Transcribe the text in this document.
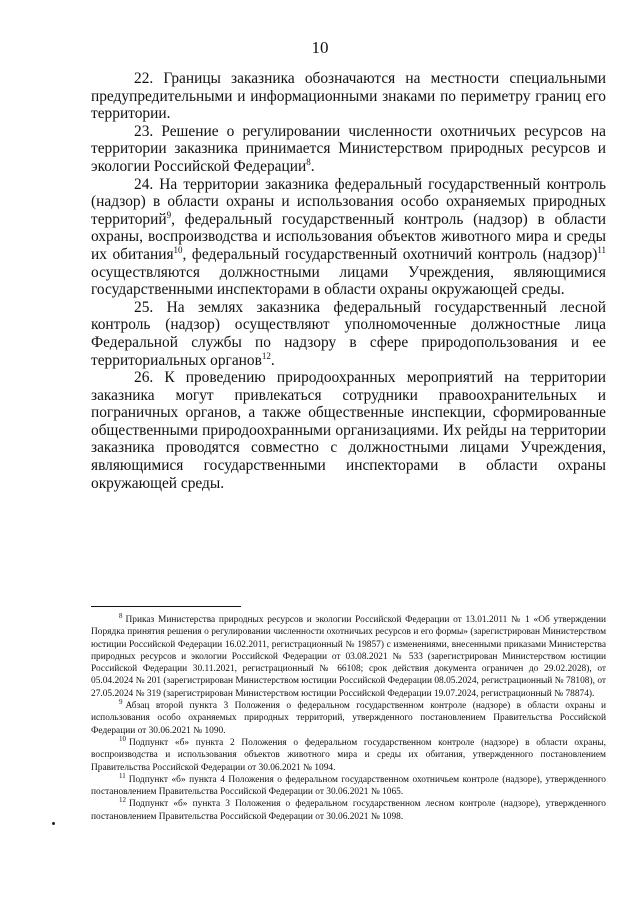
10

22. Границы заказника обозначаются на местности специальными предупредительными и информационными знаками по периметру границ его территории.

23. Решение о регулировании численности охотничьих ресурсов на территории заказника принимается Министерством природных ресурсов и экологии Российской Федерации$^8$.

24. На территории заказника федеральный государственный контроль (надзор) в области охраны и использования особо охраняемых природных территорий$^9$, федеральный государственный контроль (надзор) в области охраны, воспроизводства и использования объектов животного мира и среды их обитания$^{10}$, федеральный государственный охотничий контроль (надзор)$^{11}$ осуществляются должностными лицами Учреждения, являющимися государственными инспекторами в области охраны окружающей среды.

25. На землях заказника федеральный государственный лесной контроль (надзор) осуществляют уполномоченные должностные лица Федеральной службы по надзору в сфере природопользования и ее территориальных органов$^{12}$.

26. К проведению природоохранных мероприятий на территории заказника могут привлекаться сотрудники правоохранительных и пограничных органов, а также общественные инспекции, сформированные общественными природоохранными организациями. Их рейды на территории заказника проводятся совместно с должностными лицами Учреждения, являющимися государственными инспекторами в области охраны окружающей среды.

$^8$ Приказ Министерства природных ресурсов и экологии Российской Федерации от 13.01.2011 № 1 «Об утверждении Порядка принятия решения о регулировании численности охотничьих ресурсов и его формы» (зарегистрирован Министерством юстиции Российской Федерации 16.02.2011, регистрационный № 19857) с изменениями, внесенными приказами Министерства природных ресурсов и экологии Российской Федерации от 03.08.2021 № 533 (зарегистрирован Министерством юстиции Российской Федерации 30.11.2021, регистрационный № 66108; срок действия документа ограничен до 29.02.2028), от 05.04.2024 № 201 (зарегистрирован Министерством юстиции Российской Федерации 08.05.2024, регистрационный № 78108), от 27.05.2024 № 319 (зарегистрирован Министерством юстиции Российской Федерации 19.07.2024, регистрационный № 78874).

$^9$ Абзац второй пункта 3 Положения о федеральном государственном контроле (надзоре) в области охраны и использования особо охраняемых природных территорий, утвержденного постановлением Правительства Российской Федерации от 30.06.2021 № 1090.

$^{10}$ Подпункт «б» пункта 2 Положения о федеральном государственном контроле (надзоре) в области охраны, воспроизводства и использования объектов животного мира и среды их обитания, утвержденного постановлением Правительства Российской Федерации от 30.06.2021 № 1094.

$^{11}$ Подпункт «б» пункта 4 Положения о федеральном государственном охотничьем контроле (надзоре), утвержденного постановлением Правительства Российской Федерации от 30.06.2021 № 1065.

$^{12}$ Подпункт «б» пункта 3 Положения о федеральном государственном лесном контроле (надзоре), утвержденного постановлением Правительства Российской Федерации от 30.06.2021 № 1098.
